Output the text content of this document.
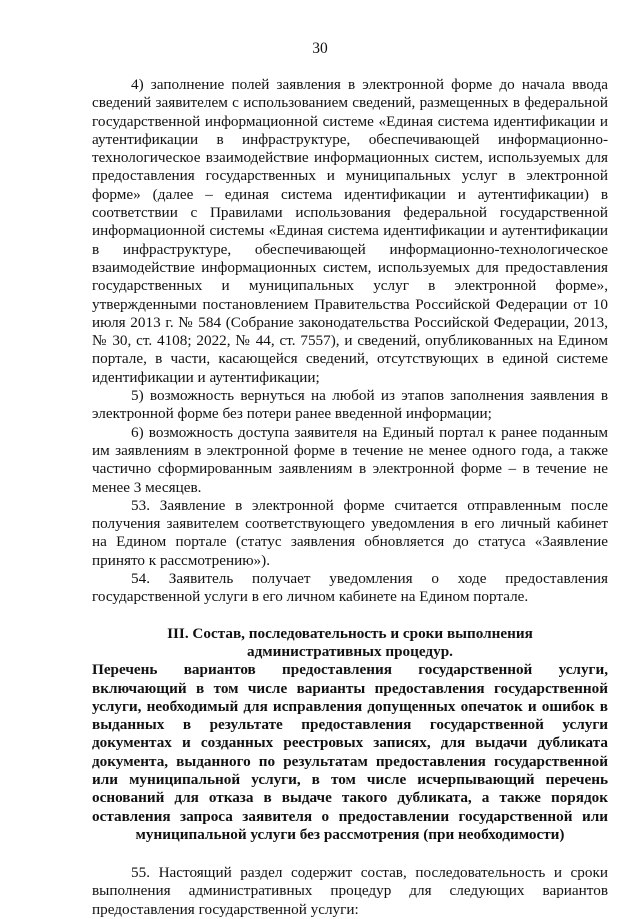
30

4) заполнение полей заявления в электронной форме до начала ввода сведений заявителем с использованием сведений, размещенных в федеральной государственной информационной системе «Единая система идентификации и аутентификации в инфраструктуре, обеспечивающей информационно-технологическое взаимодействие информационных систем, используемых для предоставления государственных и муниципальных услуг в электронной форме» (далее – единая система идентификации и аутентификации) в соответствии с Правилами использования федеральной государственной информационной системы «Единая система идентификации и аутентификации в инфраструктуре, обеспечивающей информационно-технологическое взаимодействие информационных систем, используемых для предоставления государственных и муниципальных услуг в электронной форме», утвержденными постановлением Правительства Российской Федерации от 10 июля 2013 г. № 584 (Собрание законодательства Российской Федерации, 2013, № 30, ст. 4108; 2022, № 44, ст. 7557), и сведений, опубликованных на Едином портале, в части, касающейся сведений, отсутствующих в единой системе идентификации и аутентификации;

5) возможность вернуться на любой из этапов заполнения заявления в электронной форме без потери ранее введенной информации;

6) возможность доступа заявителя на Единый портал к ранее поданным им заявлениям в электронной форме в течение не менее одного года, а также частично сформированным заявлениям в электронной форме – в течение не менее 3 месяцев.

53. Заявление в электронной форме считается отправленным после получения заявителем соответствующего уведомления в его личный кабинет на Едином портале (статус заявления обновляется до статуса «Заявление принято к рассмотрению»).

54. Заявитель получает уведомления о ходе предоставления государственной услуги в его личном кабинете на Едином портале.

III. Состав, последовательность и сроки выполнения

административных процедур.

Перечень вариантов предоставления государственной услуги, включающий в том числе варианты предоставления государственной услуги, необходимый для исправления допущенных опечаток и ошибок в выданных в результате предоставления государственной услуги документах и созданных реестровых записях, для выдачи дубликата документа, выданного по результатам предоставления государственной или муниципальной услуги, в том числе исчерпывающий перечень оснований для отказа в выдаче такого дубликата, а также порядок оставления запроса заявителя о предоставлении государственной или муниципальной услуги без рассмотрения (при необходимости)

55. Настоящий раздел содержит состав, последовательность и сроки выполнения административных процедур для следующих вариантов предоставления государственной услуги:
